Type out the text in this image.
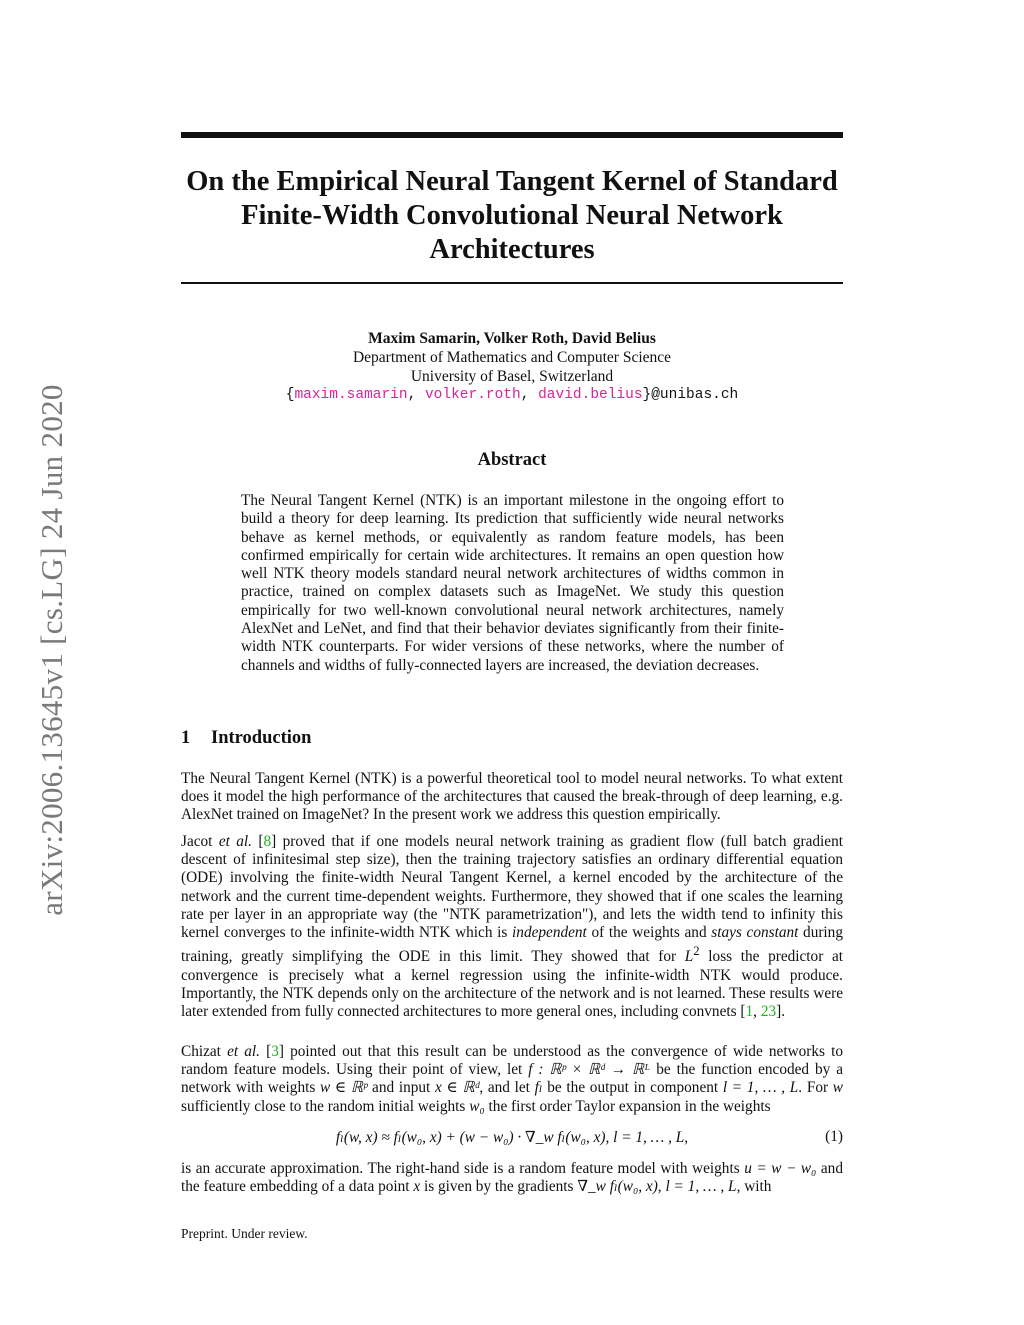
arXiv:2006.13645v1 [cs.LG] 24 Jun 2020
On the Empirical Neural Tangent Kernel of Standard
Finite-Width Convolutional Neural Network
Architectures
Maxim Samarin, Volker Roth, David Belius
Department of Mathematics and Computer Science
University of Basel, Switzerland
{maxim.samarin, volker.roth, david.belius}@unibas.ch
Abstract
The Neural Tangent Kernel (NTK) is an important milestone in the ongoing effort to build a theory for deep learning. Its prediction that sufficiently wide neural networks behave as kernel methods, or equivalently as random feature models, has been confirmed empirically for certain wide architectures. It remains an open question how well NTK theory models standard neural network architectures of widths common in practice, trained on complex datasets such as ImageNet. We study this question empirically for two well-known convolutional neural network architectures, namely AlexNet and LeNet, and find that their behavior deviates significantly from their finite-width NTK counterparts. For wider versions of these networks, where the number of channels and widths of fully-connected layers are increased, the deviation decreases.
1 Introduction
The Neural Tangent Kernel (NTK) is a powerful theoretical tool to model neural networks. To what extent does it model the high performance of the architectures that caused the break-through of deep learning, e.g. AlexNet trained on ImageNet? In the present work we address this question empirically.
Jacot et al. [8] proved that if one models neural network training as gradient flow (full batch gradient descent of infinitesimal step size), then the training trajectory satisfies an ordinary differential equation (ODE) involving the finite-width Neural Tangent Kernel, a kernel encoded by the architecture of the network and the current time-dependent weights. Furthermore, they showed that if one scales the learning rate per layer in an appropriate way (the "NTK parametrization"), and lets the width tend to infinity this kernel converges to the infinite-width NTK which is independent of the weights and stays constant during training, greatly simplifying the ODE in this limit. They showed that for $L^2$ loss the predictor at convergence is precisely what a kernel regression using the infinite-width NTK would produce. Importantly, the NTK depends only on the architecture of the network and is not learned. These results were later extended from fully connected architectures to more general ones, including convnets [1, 23].
Chizat et al. [3] pointed out that this result can be understood as the convergence of wide networks to random feature models. Using their point of view, let f : ℝᵖ × ℝᵈ → ℝᴸ be the function encoded by a network with weights w ∈ ℝᵖ and input x ∈ ℝᵈ, and let fₗ be the output in component l = 1, … , L. For w sufficiently close to the random initial weights w₀ the first order Taylor expansion in the weights
fₗ(w, x) ≈ fₗ(w₀, x) + (w − w₀) · ∇_w fₗ(w₀, x), l = 1, … , L,	(1)
is an accurate approximation. The right-hand side is a random feature model with weights u = w − w₀ and the feature embedding of a data point x is given by the gradients ∇_w fₗ(w₀, x), l = 1, … , L, with
Preprint. Under review.
